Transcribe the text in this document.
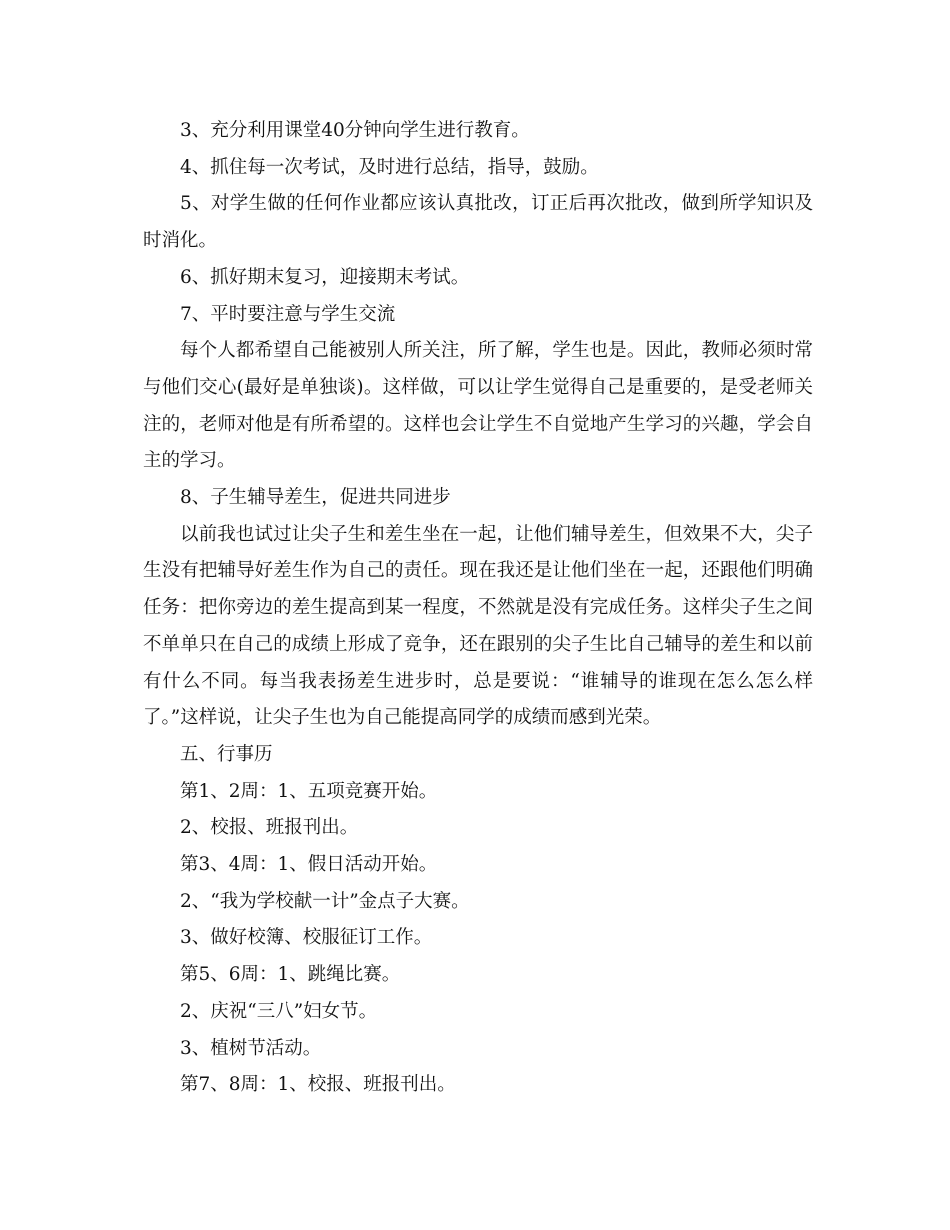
3、充分利用课堂40分钟向学生进行教育。

4、抓住每一次考试，及时进行总结，指导，鼓励。

5、对学生做的任何作业都应该认真批改，订正后再次批改，做到所学知识及时消化。

6、抓好期末复习，迎接期末考试。

7、平时要注意与学生交流

每个人都希望自己能被别人所关注，所了解，学生也是。因此，教师必须时常与他们交心(最好是单独谈)。这样做，可以让学生觉得自己是重要的，是受老师关注的，老师对他是有所希望的。这样也会让学生不自觉地产生学习的兴趣，学会自主的学习。

8、子生辅导差生，促进共同进步

以前我也试过让尖子生和差生坐在一起，让他们辅导差生，但效果不大，尖子生没有把辅导好差生作为自己的责任。现在我还是让他们坐在一起，还跟他们明确任务：把你旁边的差生提高到某一程度，不然就是没有完成任务。这样尖子生之间不单单只在自己的成绩上形成了竞争，还在跟别的尖子生比自己辅导的差生和以前有什么不同。每当我表扬差生进步时，总是要说：“谁辅导的谁现在怎么怎么样了。”这样说，让尖子生也为自己能提高同学的成绩而感到光荣。

五、行事历

第1、2周：1、五项竞赛开始。

2、校报、班报刊出。

第3、4周：1、假日活动开始。

2、“我为学校献一计”金点子大赛。

3、做好校簿、校服征订工作。

第5、6周：1、跳绳比赛。

2、庆祝“三八”妇女节。

3、植树节活动。

第7、8周：1、校报、班报刊出。
